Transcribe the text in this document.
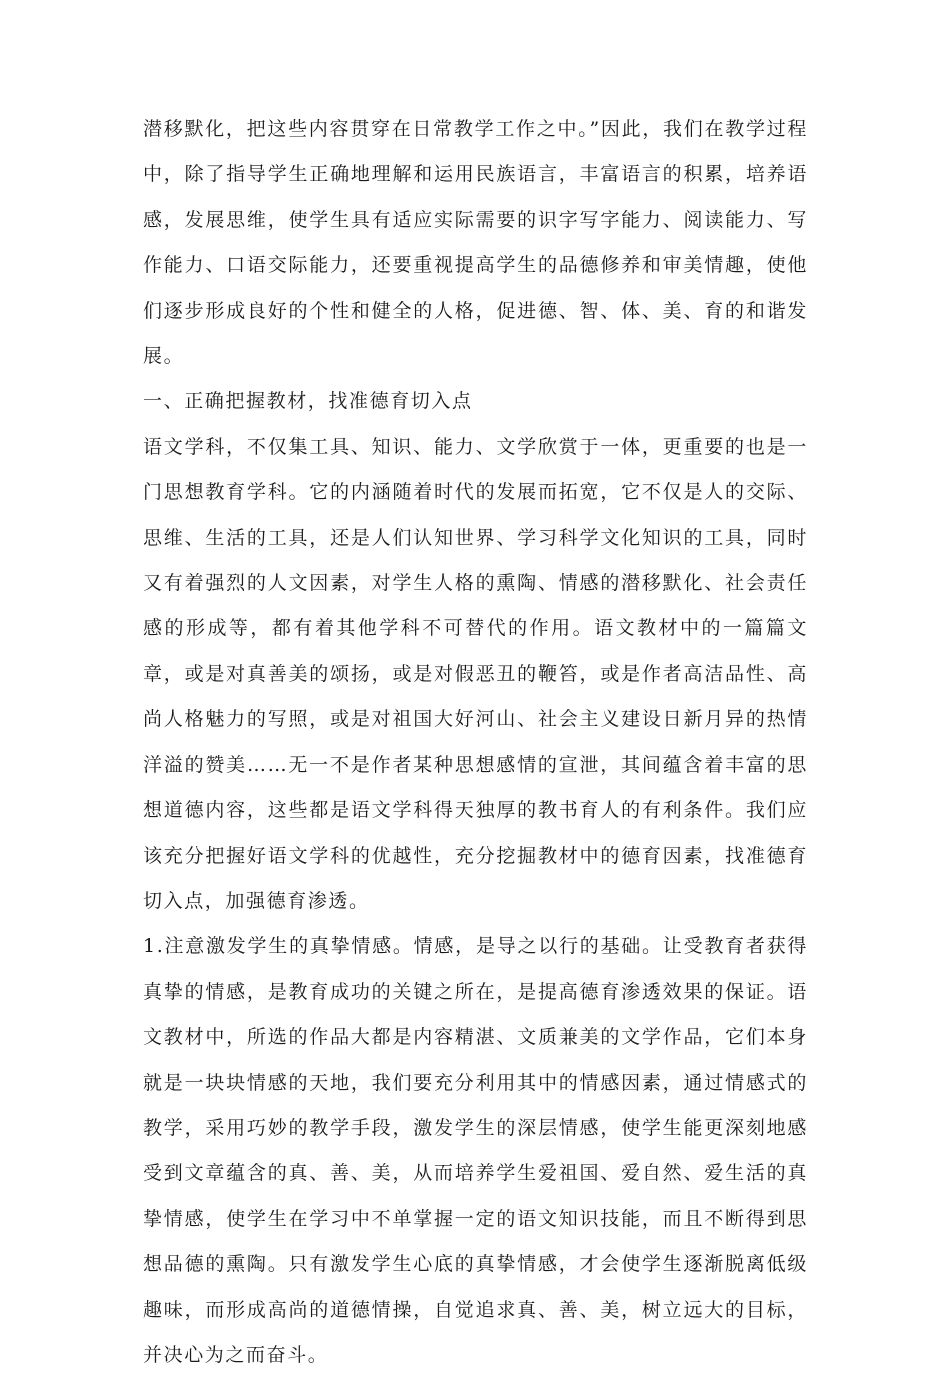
潜移默化，把这些内容贯穿在日常教学工作之中。”因此，我们在教学过程中，除了指导学生正确地理解和运用民族语言，丰富语言的积累，培养语感，发展思维，使学生具有适应实际需要的识字写字能力、阅读能力、写作能力、口语交际能力，还要重视提高学生的品德修养和审美情趣，使他们逐步形成良好的个性和健全的人格，促进德、智、体、美、育的和谐发展。

一、正确把握教材，找准德育切入点

语文学科，不仅集工具、知识、能力、文学欣赏于一体，更重要的也是一门思想教育学科。它的内涵随着时代的发展而拓宽，它不仅是人的交际、思维、生活的工具，还是人们认知世界、学习科学文化知识的工具，同时又有着强烈的人文因素，对学生人格的熏陶、情感的潜移默化、社会责任感的形成等，都有着其他学科不可替代的作用。语文教材中的一篇篇文章，或是对真善美的颂扬，或是对假恶丑的鞭笞，或是作者高洁品性、高尚人格魅力的写照，或是对祖国大好河山、社会主义建设日新月异的热情洋溢的赞美……无一不是作者某种思想感情的宣泄，其间蕴含着丰富的思想道德内容，这些都是语文学科得天独厚的教书育人的有利条件。我们应该充分把握好语文学科的优越性，充分挖掘教材中的德育因素，找准德育切入点，加强德育渗透。

1.注意激发学生的真挚情感。情感，是导之以行的基础。让受教育者获得真挚的情感，是教育成功的关键之所在，是提高德育渗透效果的保证。语文教材中，所选的作品大都是内容精湛、文质兼美的文学作品，它们本身就是一块块情感的天地，我们要充分利用其中的情感因素，通过情感式的教学，采用巧妙的教学手段，激发学生的深层情感，使学生能更深刻地感受到文章蕴含的真、善、美，从而培养学生爱祖国、爱自然、爱生活的真挚情感，使学生在学习中不单掌握一定的语文知识技能，而且不断得到思想品德的熏陶。只有激发学生心底的真挚情感，才会使学生逐渐脱离低级趣味，而形成高尚的道德情操，自觉追求真、善、美，树立远大的目标，并决心为之而奋斗。
